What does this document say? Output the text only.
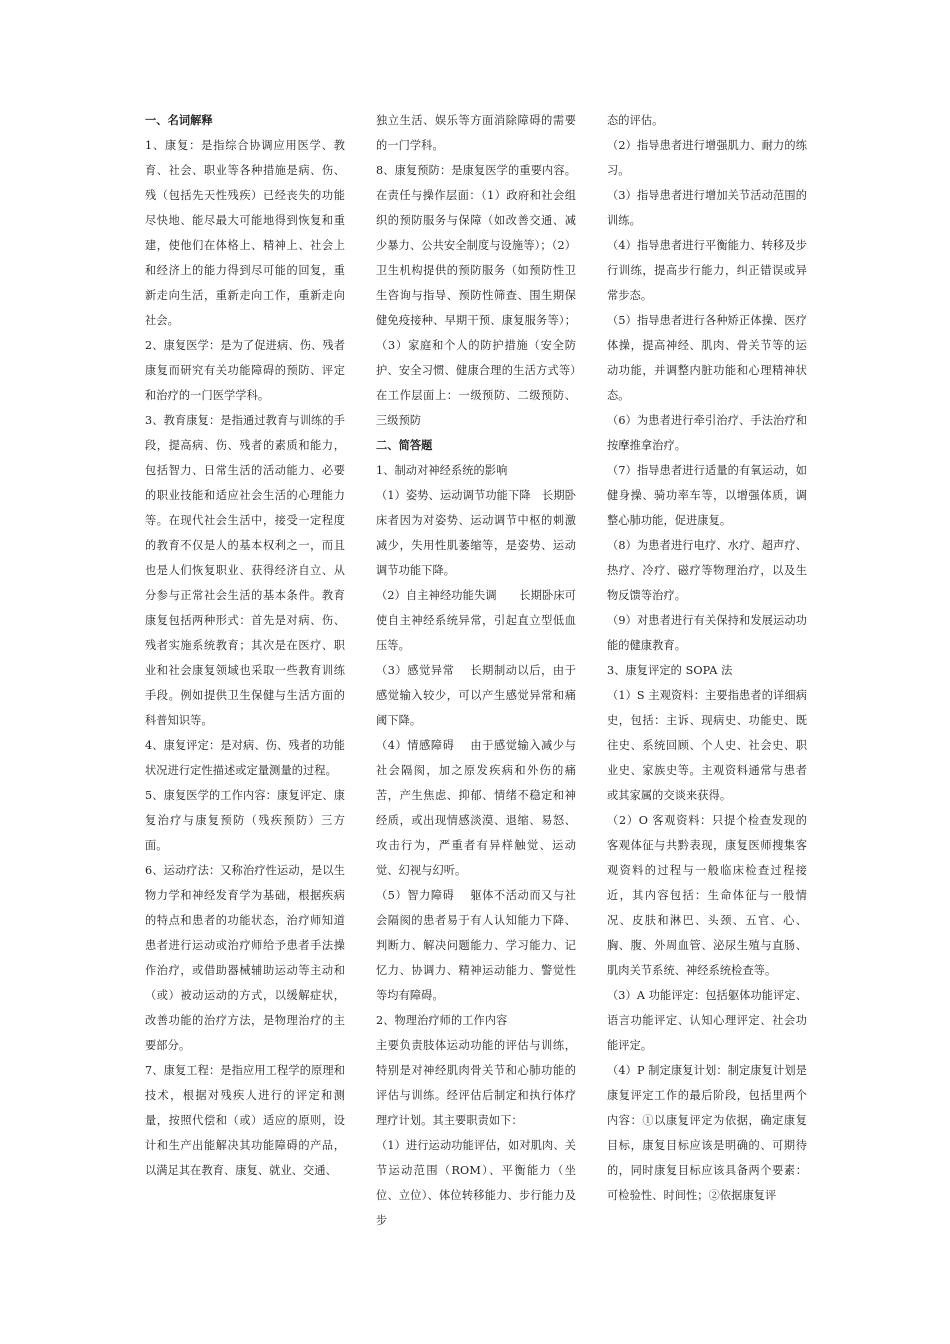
一、名词解释

1、康复：是指综合协调应用医学、教育、社会、职业等各种措施是病、伤、残（包括先天性残疾）已经丧失的功能尽快地、能尽最大可能地得到恢复和重建，使他们在体格上、精神上、社会上和经济上的能力得到尽可能的回复，重新走向生活，重新走向工作，重新走向社会。

2、康复医学：是为了促进病、伤、残者康复而研究有关功能障碍的预防、评定和治疗的一门医学学科。

3、教育康复：是指通过教育与训练的手段，提高病、伤、残者的素质和能力，包括智力、日常生活的活动能力、必要的职业技能和适应社会生活的心理能力等。在现代社会生活中，接受一定程度的教育不仅是人的基本权利之一，而且也是人们恢复职业、获得经济自立、从分参与正常社会生活的基本条件。教育康复包括两种形式：首先是对病、伤、残者实施系统教育；其次是在医疗、职业和社会康复领域也采取一些教育训练手段。例如提供卫生保健与生活方面的科普知识等。

4、康复评定：是对病、伤、残者的功能状况进行定性描述或定量测量的过程。

5、康复医学的工作内容：康复评定、康复治疗与康复预防（残疾预防）三方面。

6、运动疗法：又称治疗性运动，是以生物力学和神经发育学为基础，根据疾病的特点和患者的功能状态，治疗师知道患者进行运动或治疗师给予患者手法操作治疗，或借助器械辅助运动等主动和（或）被动运动的方式，以缓解症状，改善功能的治疗方法，是物理治疗的主要部分。

7、康复工程：是指应用工程学的原理和技术，根据对残疾人进行的评定和测量，按照代偿和（或）适应的原则，设计和生产出能解决其功能障碍的产品，以满足其在教育、康复、就业、交通、

独立生活、娱乐等方面消除障碍的需要的一门学科。

8、康复预防：是康复医学的重要内容。在责任与操作层面：（1）政府和社会组织的预防服务与保障（如改善交通、减少暴力、公共安全制度与设施等）；（2）卫生机构提供的预防服务（如预防性卫生咨询与指导、预防性筛查、围生期保健免疫接种、早期干预、康复服务等）；（3）家庭和个人的防护措施（安全防护、安全习惯、健康合理的生活方式等）在工作层面上：一级预防、二级预防、三级预防

二、简答题

1、制动对神经系统的影响

（1）姿势、运动调节功能下降　长期卧床者因为对姿势、运动调节中枢的刺激减少，失用性肌萎缩等，是姿势、运动调节功能下降。

（2）自主神经功能失调　　长期卧床可使自主神经系统异常，引起直立型低血压等。

（3）感觉异常　 长期制动以后，由于感觉输入较少，可以产生感觉异常和痛阈下降。

（4）情感障碍　 由于感觉输入减少与社会隔阂，加之原发疾病和外伤的痛苦，产生焦虑、抑郁、情绪不稳定和神经质，或出现情感淡漠、退缩、易怒、攻击行为，严重者有异样触觉、运动觉、幻视与幻听。

（5）智力障碍　 躯体不活动而又与社会隔阂的患者易于有人认知能力下降、判断力、解决问题能力、学习能力、记忆力、协调力、精神运动能力、警觉性等均有障碍。

2、物理治疗师的工作内容

主要负责肢体运动功能的评估与训练，特别是对神经肌肉骨关节和心肺功能的评估与训练。经评估后制定和执行体疗理疗计划。其主要职责如下：

（1）进行运动功能评估，如对肌肉、关节运动范围（ROM）、平衡能力（坐位、立位）、体位转移能力、步行能力及步

态的评估。

（2）指导患者进行增强肌力、耐力的练习。

（3）指导患者进行增加关节活动范围的训练。

（4）指导患者进行平衡能力、转移及步行训练，提高步行能力，纠正错误或异常步态。

（5）指导患者进行各种矫正体操、医疗体操，提高神经、肌肉、骨关节等的运动功能，并调整内脏功能和心理精神状态。

（6）为患者进行牵引治疗、手法治疗和按摩推拿治疗。

（7）指导患者进行适量的有氧运动，如健身操、骑功率车等，以增强体质，调整心肺功能，促进康复。

（8）为患者进行电疗、水疗、超声疗、热疗、冷疗、磁疗等物理治疗，以及生物反馈等治疗。

（9）对患者进行有关保持和发展运动功能的健康教育。

3、康复评定的 SOPA 法

（1）S 主观资料：主要指患者的详细病史，包括：主诉、现病史、功能史、既往史、系统回顾、个人史、社会史、职业史、家族史等。主观资料通常与患者或其家属的交谈来获得。

（2）O 客观资料：只提个检查发现的客观体征与共黔表现，康复医师搜集客观资料的过程与一般临床检查过程接近，其内容包括：生命体征与一般情况、皮肤和淋巴、头颈、五官、心、胸、腹、外周血管、泌尿生殖与直肠、肌肉关节系统、神经系统检查等。

（3）A 功能评定：包括躯体功能评定、语言功能评定、认知心理评定、社会功能评定。

（4）P 制定康复计划：制定康复计划是康复评定工作的最后阶段，包括里两个内容：①以康复评定为依据，确定康复目标，康复目标应该是明确的、可期待的，同时康复目标应该具备两个要素：可检验性、时间性；②依据康复评
